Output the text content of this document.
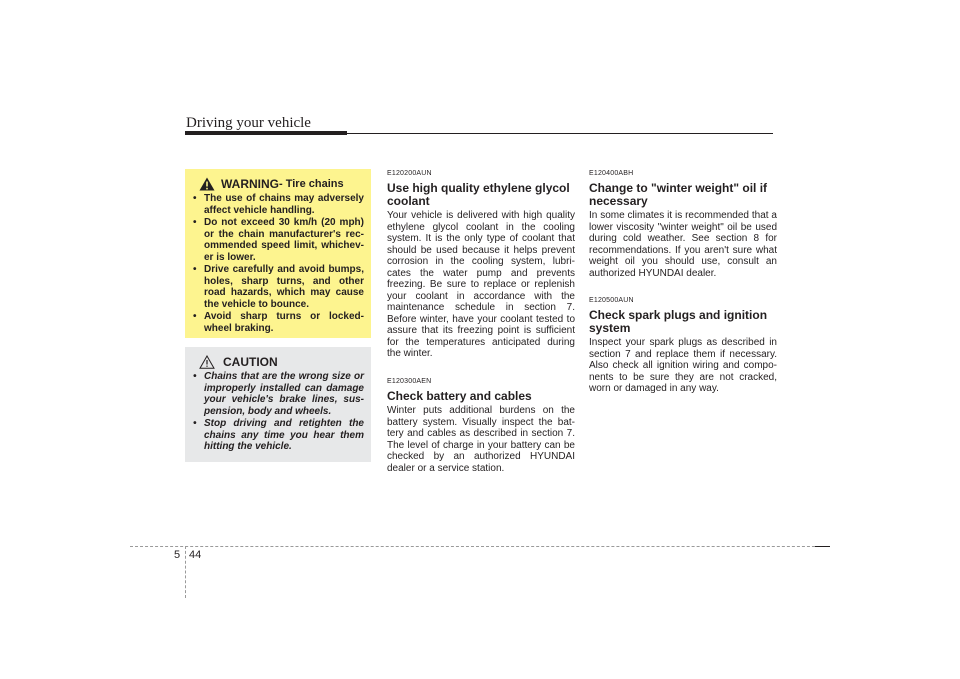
Driving your vehicle
WARNING - Tire chains
• The use of chains may adversely affect vehicle handling.
• Do not exceed 30 km/h (20 mph) or the chain manufacturer's rec-ommended speed limit, whichev-er is lower.
• Drive carefully and avoid bumps, holes, sharp turns, and other road hazards, which may cause the vehicle to bounce.
• Avoid sharp turns or locked-wheel braking.
CAUTION
• Chains that are the wrong size or improperly installed can damage your vehicle's brake lines, sus-pension, body and wheels.
• Stop driving and retighten the chains any time you hear them hitting the vehicle.
E120200AUN
Use high quality ethylene glycol coolant

Your vehicle is delivered with high quality ethylene glycol coolant in the cooling system. It is the only type of coolant that should be used because it helps prevent corrosion in the cooling system, lubri-cates the water pump and prevents freezing. Be sure to replace or replenish your coolant in accordance with the maintenance schedule in section 7. Before winter, have your coolant tested to assure that its freezing point is sufficient for the temperatures anticipated during the winter.

E120300AEN
Check battery and cables

Winter puts additional burdens on the battery system. Visually inspect the bat-tery and cables as described in section 7. The level of charge in your battery can be checked by an authorized HYUNDAI dealer or a service station.

E120400ABH
Change to "winter weight" oil if necessary

In some climates it is recommended that a lower viscosity "winter weight" oil be used during cold weather. See section 8 for recommendations. If you aren't sure what weight oil you should use, consult an authorized HYUNDAI dealer.

E120500AUN
Check spark plugs and ignition system

Inspect your spark plugs as described in section 7 and replace them if necessary. Also check all ignition wiring and compo-nents to be sure they are not cracked, worn or damaged in any way.

5 44
